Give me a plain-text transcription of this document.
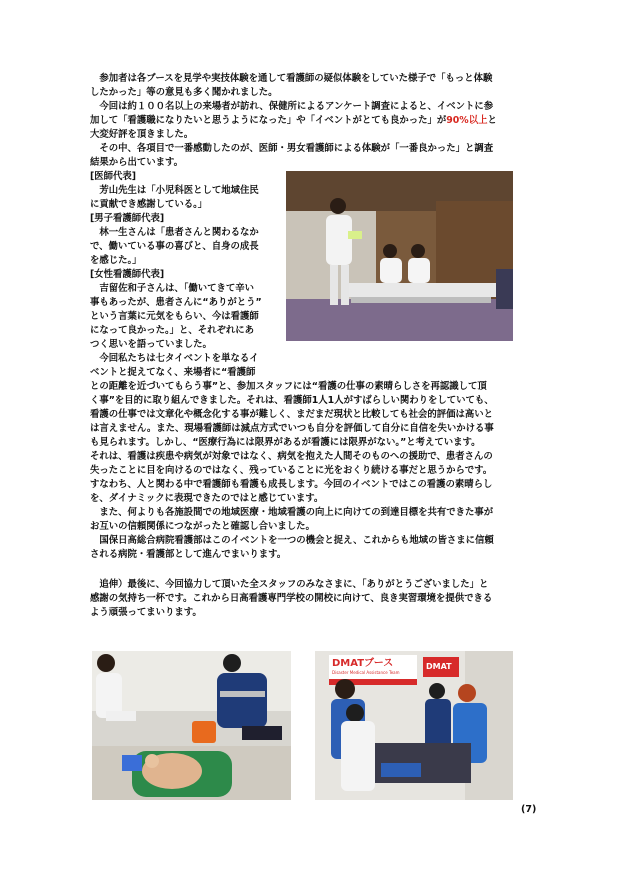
　参加者は各ブースを見学や実技体験を通して看護師の疑似体験をしていた様子で「もっと体験
したかった」等の意見も多く聞かれました。
　今回は約１００名以上の来場者が訪れ、保健所によるアンケート調査によると、イベントに参
加して「看護職になりたいと思うようになった」や「イベントがとても良かった」が90%以上と
大変好評を頂きました。
　その中、各項目で一番感動したのが、医師・男女看護師による体験が「一番良かった」と調査
結果から出ています。
[医師代表]
　芳山先生は「小児科医として地域住民
に貢献でき感謝している。」
[男子看護師代表]
　林一生さんは「患者さんと関わるなか
で、働いている事の喜びと、自身の成長
を感じた。」
[女性看護師代表]
　吉留佐和子さんは、「働いてきて辛い
事もあったが、患者さんに“ありがとう”
という言葉に元気をもらい、今は看護師
になって良かった。」と、それぞれにあ
つく思いを語っていました。
　今回私たちは七タイベントを単なるイ
ベントと捉えてなく、来場者に“看護師
との距離を近づいてもらう事”と、参加スタッフには“看護の仕事の素晴らしさを再認識して頂
く事”を目的に取り組んできました。それは、看護師1人1人がすばらしい関わりをしていても、
看護の仕事では文章化や概念化する事が難しく、まだまだ現状と比較しても社会的評価は高いと
は言えません。また、現場看護師は減点方式でいつも自分を評価して自分に自信を失いかける事
も見られます。しかし、“医療行為には限界があるが看護には限界がない。”と考えています。
それは、看護は疾患や病気が対象ではなく、病気を抱えた人間そのものへの援助で、患者さんの
失ったことに目を向けるのではなく、残っていることに光をおくり続ける事だと思うからです。
すなわち、人と関わる中で看護師も看護も成長します。今回のイベントではこの看護の素晴らし
を、ダイナミックに表現できたのではと感じています。
　また、何よりも各施設間での地域医療・地域看護の向上に向けての到達目標を共有できた事が
お互いの信頼関係につながったと確認し合いました。
　国保日高総合病院看護部はこのイベントを一つの機会と捉え、これからも地域の皆さまに信頼
される病院・看護部として進んでまいります。
　追伸）最後に、今回協力して頂いた全スタッフのみなさまに、「ありがとうございました」と
感謝の気持ち一杯です。これから日高看護専門学校の開校に向けて、良き実習環境を提供できる
よう頑張ってまいります。
DMATブース
Disaster Medical Assistance Team
DMAT
(7)
